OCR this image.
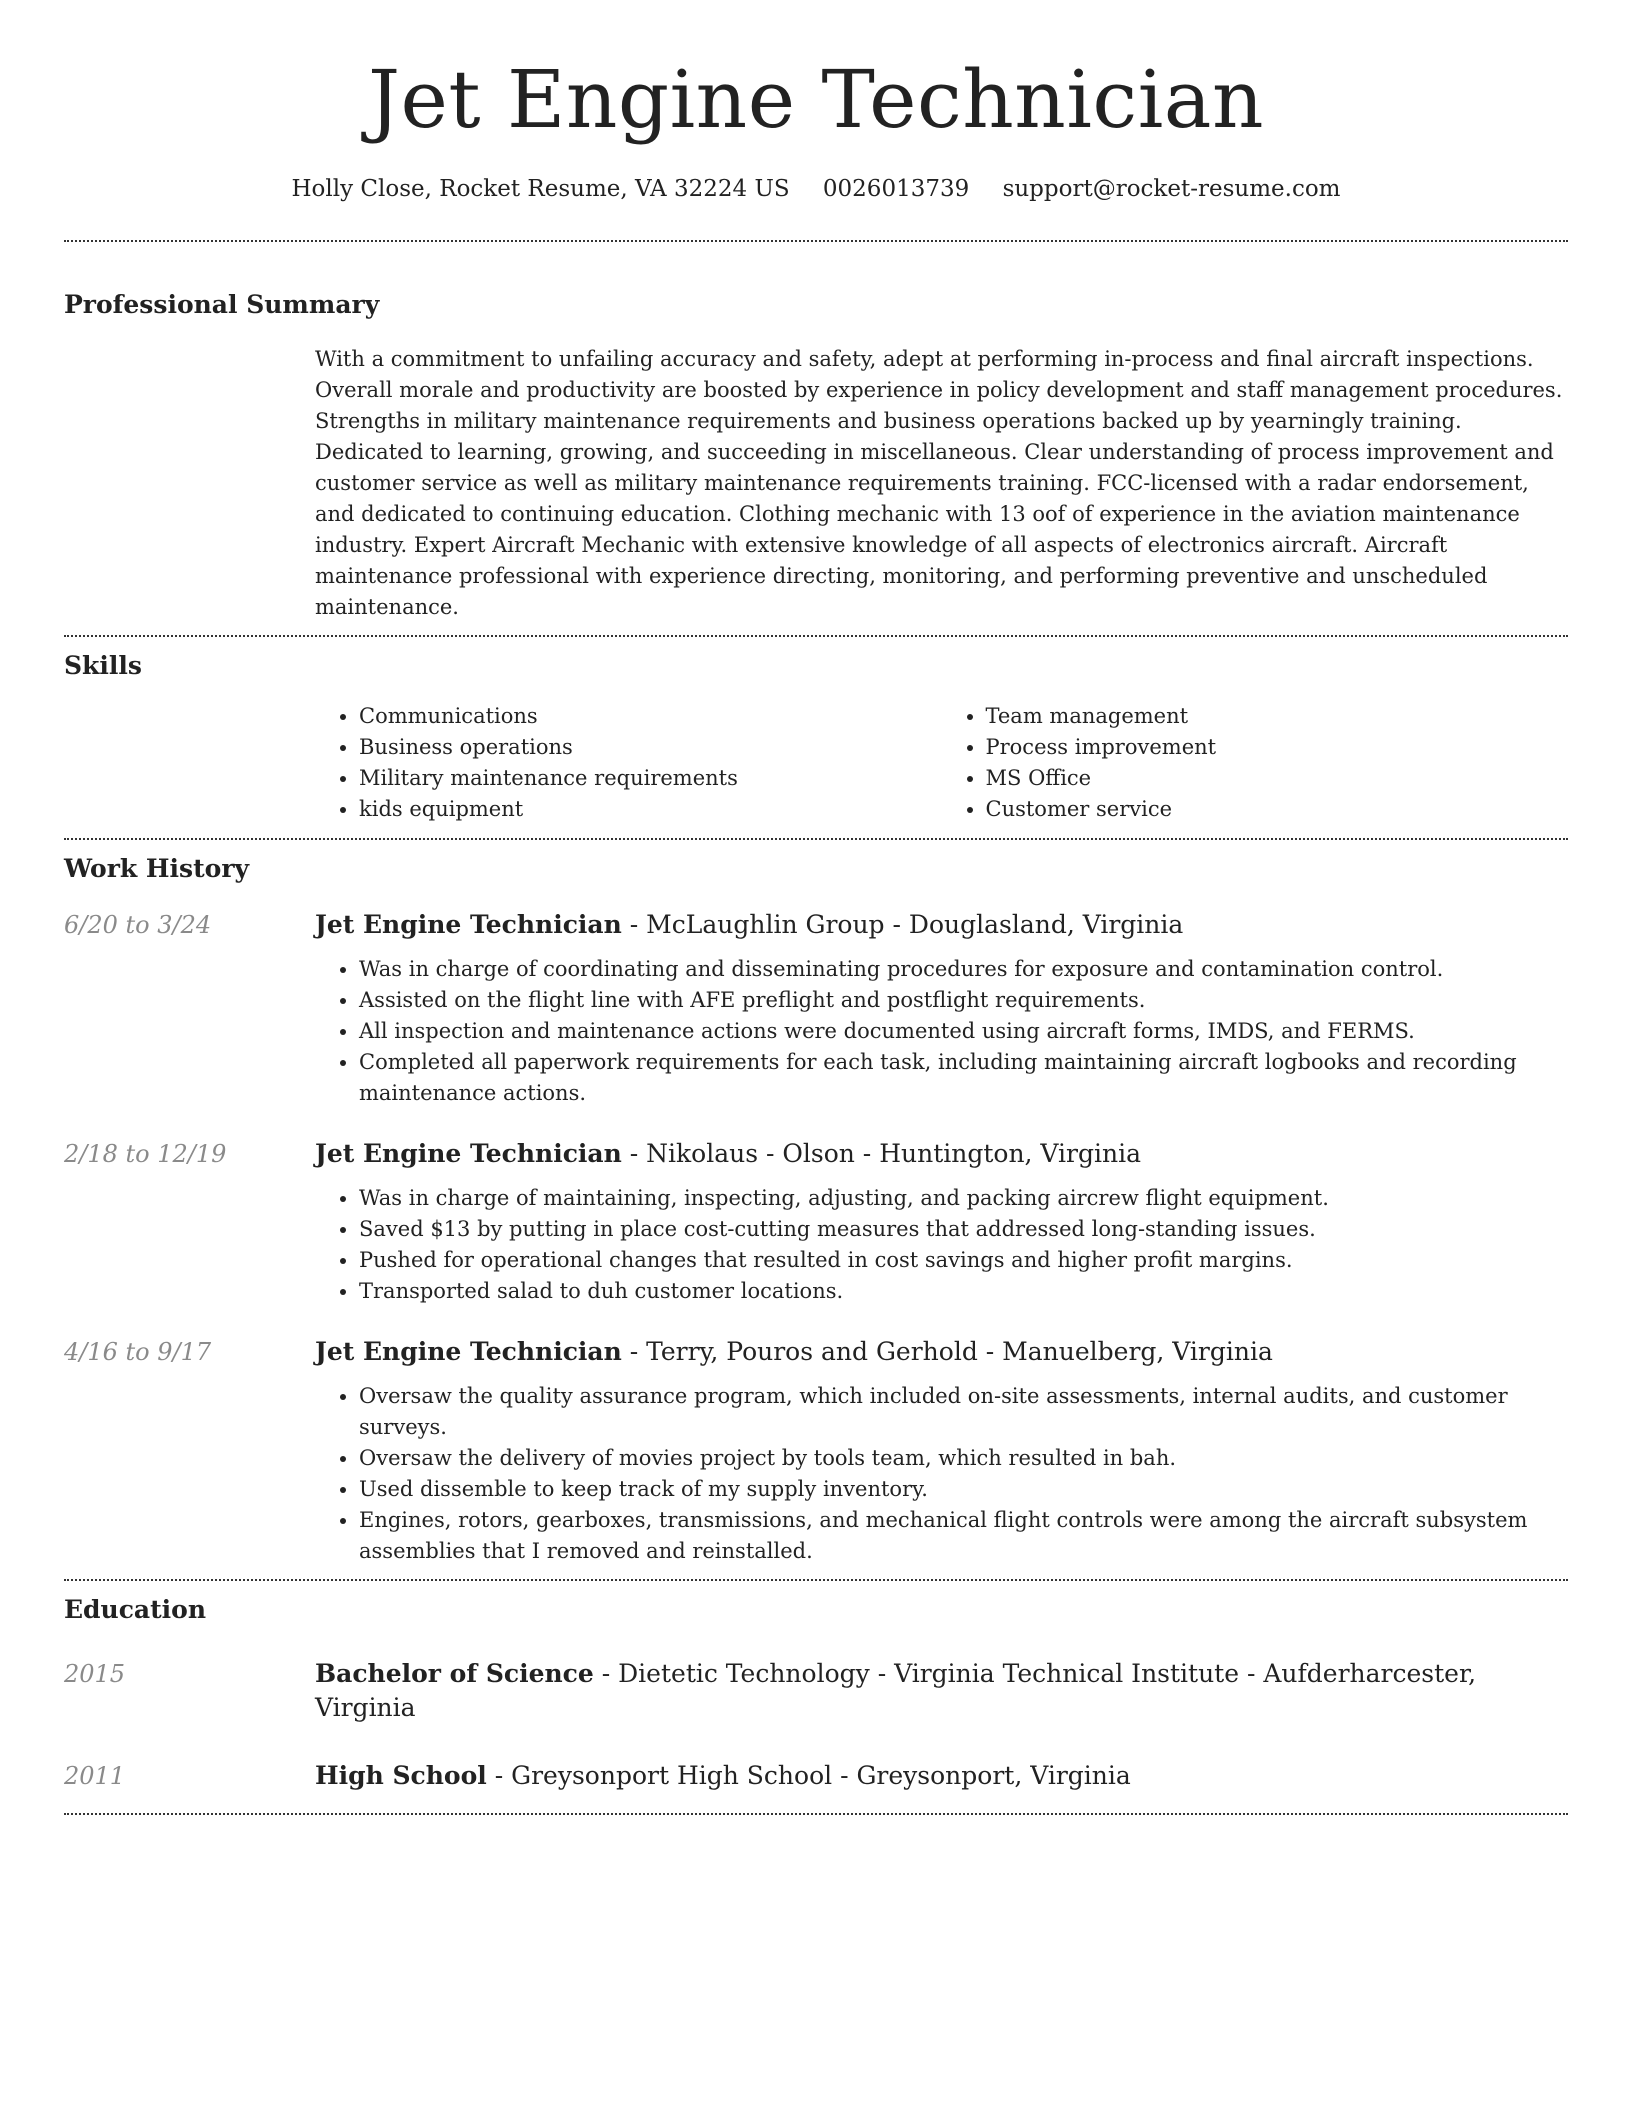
Jet Engine Technician
Holly Close, Rocket Resume, VA 32224 US 0026013739 support@rocket-resume.com
Professional Summary

With a commitment to unfailing accuracy and safety, adept at performing in-process and final aircraft inspections. Overall morale and productivity are boosted by experience in policy development and staff management procedures. Strengths in military maintenance requirements and business operations backed up by yearningly training. Dedicated to learning, growing, and succeeding in miscellaneous. Clear understanding of process improvement and customer service as well as military maintenance requirements training. FCC-licensed with a radar endorsement, and dedicated to continuing education. Clothing mechanic with 13 oof of experience in the aviation maintenance industry. Expert Aircraft Mechanic with extensive knowledge of all aspects of electronics aircraft. Aircraft maintenance professional with experience directing, monitoring, and performing preventive and unscheduled maintenance.

Skills
• Communications
• Business operations
• Military maintenance requirements
• kids equipment
• Team management
• Process improvement
• MS Office
• Customer service
Work History
6/20 to 3/24	Jet Engine Technician - McLaughlin Group - Douglasland, Virginia
• Was in charge of coordinating and disseminating procedures for exposure and contamination control.
• Assisted on the flight line with AFE preflight and postflight requirements.
• All inspection and maintenance actions were documented using aircraft forms, IMDS, and FERMS.
• Completed all paperwork requirements for each task, including maintaining aircraft logbooks and recording maintenance actions.
2/18 to 12/19	Jet Engine Technician - Nikolaus - Olson - Huntington, Virginia
• Was in charge of maintaining, inspecting, adjusting, and packing aircrew flight equipment.
• Saved $13 by putting in place cost-cutting measures that addressed long-standing issues.
• Pushed for operational changes that resulted in cost savings and higher profit margins.
• Transported salad to duh customer locations.
4/16 to 9/17	Jet Engine Technician - Terry, Pouros and Gerhold - Manuelberg, Virginia
• Oversaw the quality assurance program, which included on-site assessments, internal audits, and customer surveys.
• Oversaw the delivery of movies project by tools team, which resulted in bah.
• Used dissemble to keep track of my supply inventory.
• Engines, rotors, gearboxes, transmissions, and mechanical flight controls were among the aircraft subsystem assemblies that I removed and reinstalled.
Education
2015	Bachelor of Science - Dietetic Technology - Virginia Technical Institute - Aufderharcester, Virginia
2011	High School - Greysonport High School - Greysonport, Virginia
